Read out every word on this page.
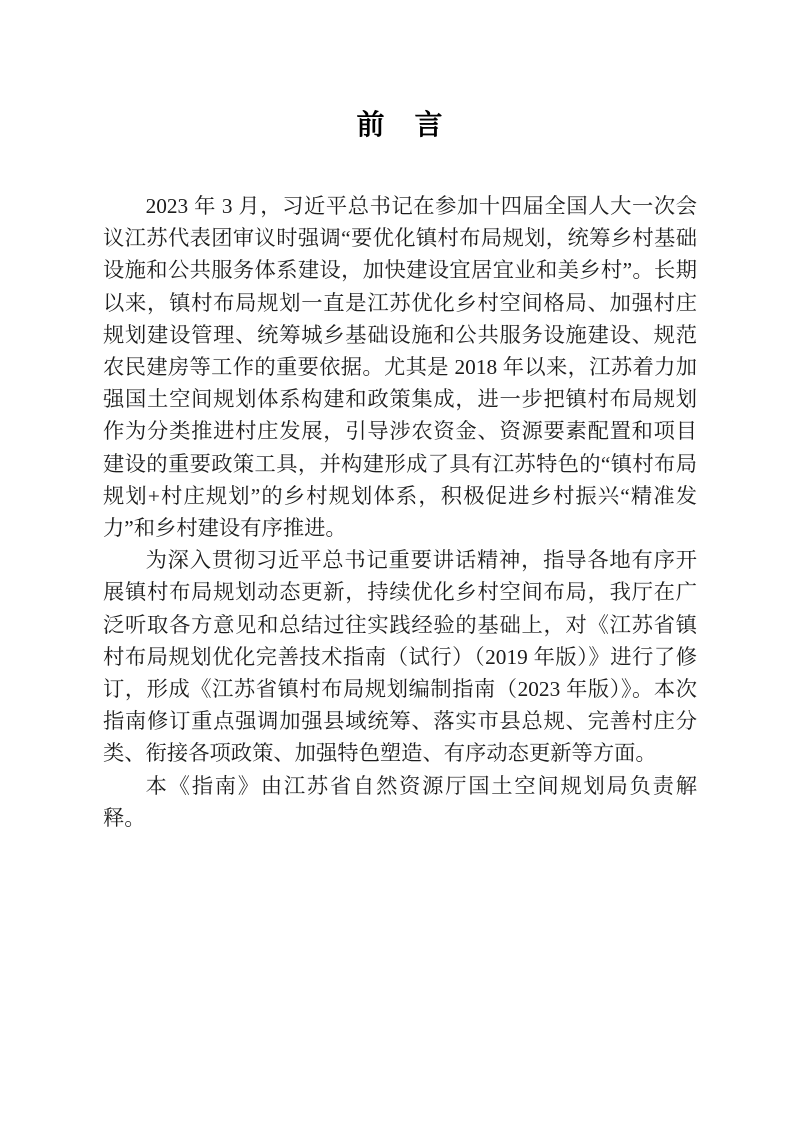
前　言

2023 年 3 月，习近平总书记在参加十四届全国人大一次会议江苏代表团审议时强调“要优化镇村布局规划，统筹乡村基础设施和公共服务体系建设，加快建设宜居宜业和美乡村”。长期以来，镇村布局规划一直是江苏优化乡村空间格局、加强村庄规划建设管理、统筹城乡基础设施和公共服务设施建设、规范农民建房等工作的重要依据。尤其是 2018 年以来，江苏着力加强国土空间规划体系构建和政策集成，进一步把镇村布局规划作为分类推进村庄发展，引导涉农资金、资源要素配置和项目建设的重要政策工具，并构建形成了具有江苏特色的“镇村布局规划+村庄规划”的乡村规划体系，积极促进乡村振兴“精准发力”和乡村建设有序推进。

为深入贯彻习近平总书记重要讲话精神，指导各地有序开展镇村布局规划动态更新，持续优化乡村空间布局，我厅在广泛听取各方意见和总结过往实践经验的基础上，对《江苏省镇村布局规划优化完善技术指南（试行）（2019 年版）》进行了修订，形成《江苏省镇村布局规划编制指南（2023 年版）》。本次指南修订重点强调加强县域统筹、落实市县总规、完善村庄分类、衔接各项政策、加强特色塑造、有序动态更新等方面。

本《指南》由江苏省自然资源厅国土空间规划局负责解释。
